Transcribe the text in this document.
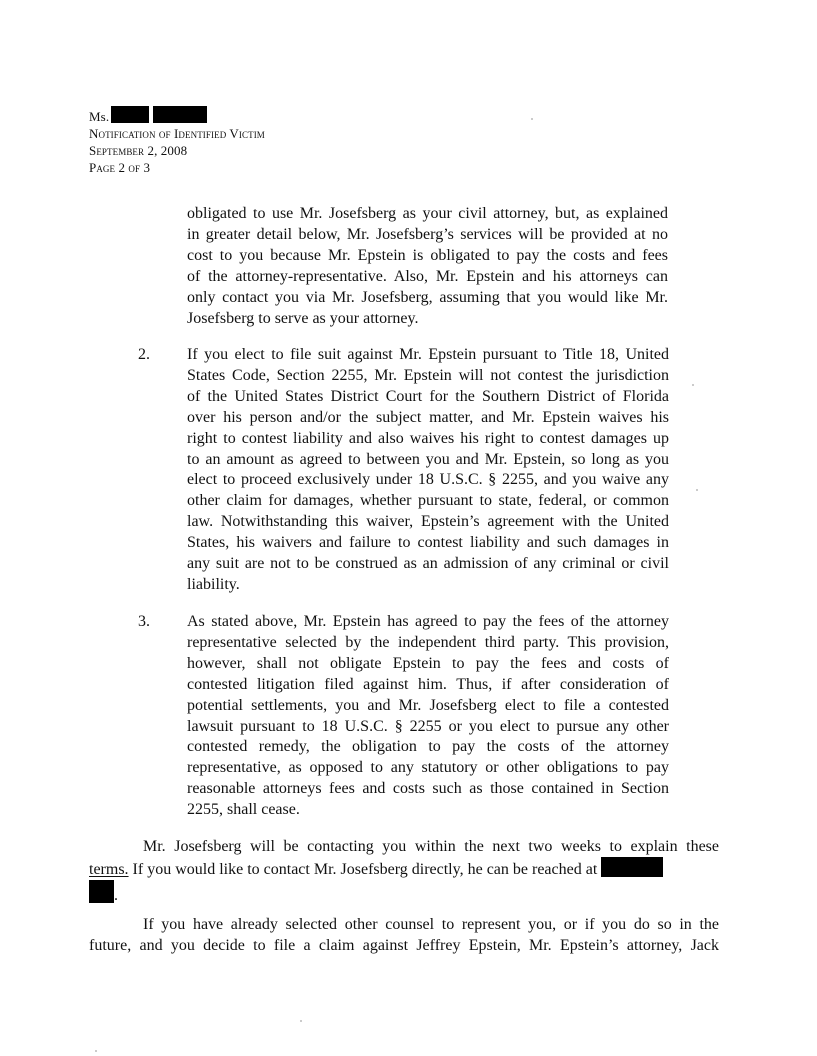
Ms.
Notification of Identified Victim
September 2, 2008
Page 2 of 3
obligated to use Mr. Josefsberg as your civil attorney, but, as explained
in greater detail below, Mr. Josefsberg’s services will be provided at no
cost to you because Mr. Epstein is obligated to pay the costs and fees
of the attorney-representative. Also, Mr. Epstein and his attorneys can
only contact you via Mr. Josefsberg, assuming that you would like Mr.
Josefsberg to serve as your attorney.
2. If you elect to file suit against Mr. Epstein pursuant to Title 18, United
States Code, Section 2255, Mr. Epstein will not contest the jurisdiction
of the United States District Court for the Southern District of Florida
over his person and/or the subject matter, and Mr. Epstein waives his
right to contest liability and also waives his right to contest damages up
to an amount as agreed to between you and Mr. Epstein, so long as you
elect to proceed exclusively under 18 U.S.C. § 2255, and you waive any
other claim for damages, whether pursuant to state, federal, or common
law. Notwithstanding this waiver, Epstein’s agreement with the United
States, his waivers and failure to contest liability and such damages in
any suit are not to be construed as an admission of any criminal or civil
liability.
3. As stated above, Mr. Epstein has agreed to pay the fees of the attorney
representative selected by the independent third party. This provision,
however, shall not obligate Epstein to pay the fees and costs of
contested litigation filed against him. Thus, if after consideration of
potential settlements, you and Mr. Josefsberg elect to file a contested
lawsuit pursuant to 18 U.S.C. § 2255 or you elect to pursue any other
contested remedy, the obligation to pay the costs of the attorney
representative, as opposed to any statutory or other obligations to pay
reasonable attorneys fees and costs such as those contained in Section
2255, shall cease.
Mr. Josefsberg will be contacting you within the next two weeks to explain these
terms. If you would like to contact Mr. Josefsberg directly, he can be reached at
.
If you have already selected other counsel to represent you, or if you do so in the
future, and you decide to file a claim against Jeffrey Epstein, Mr. Epstein’s attorney, Jack
